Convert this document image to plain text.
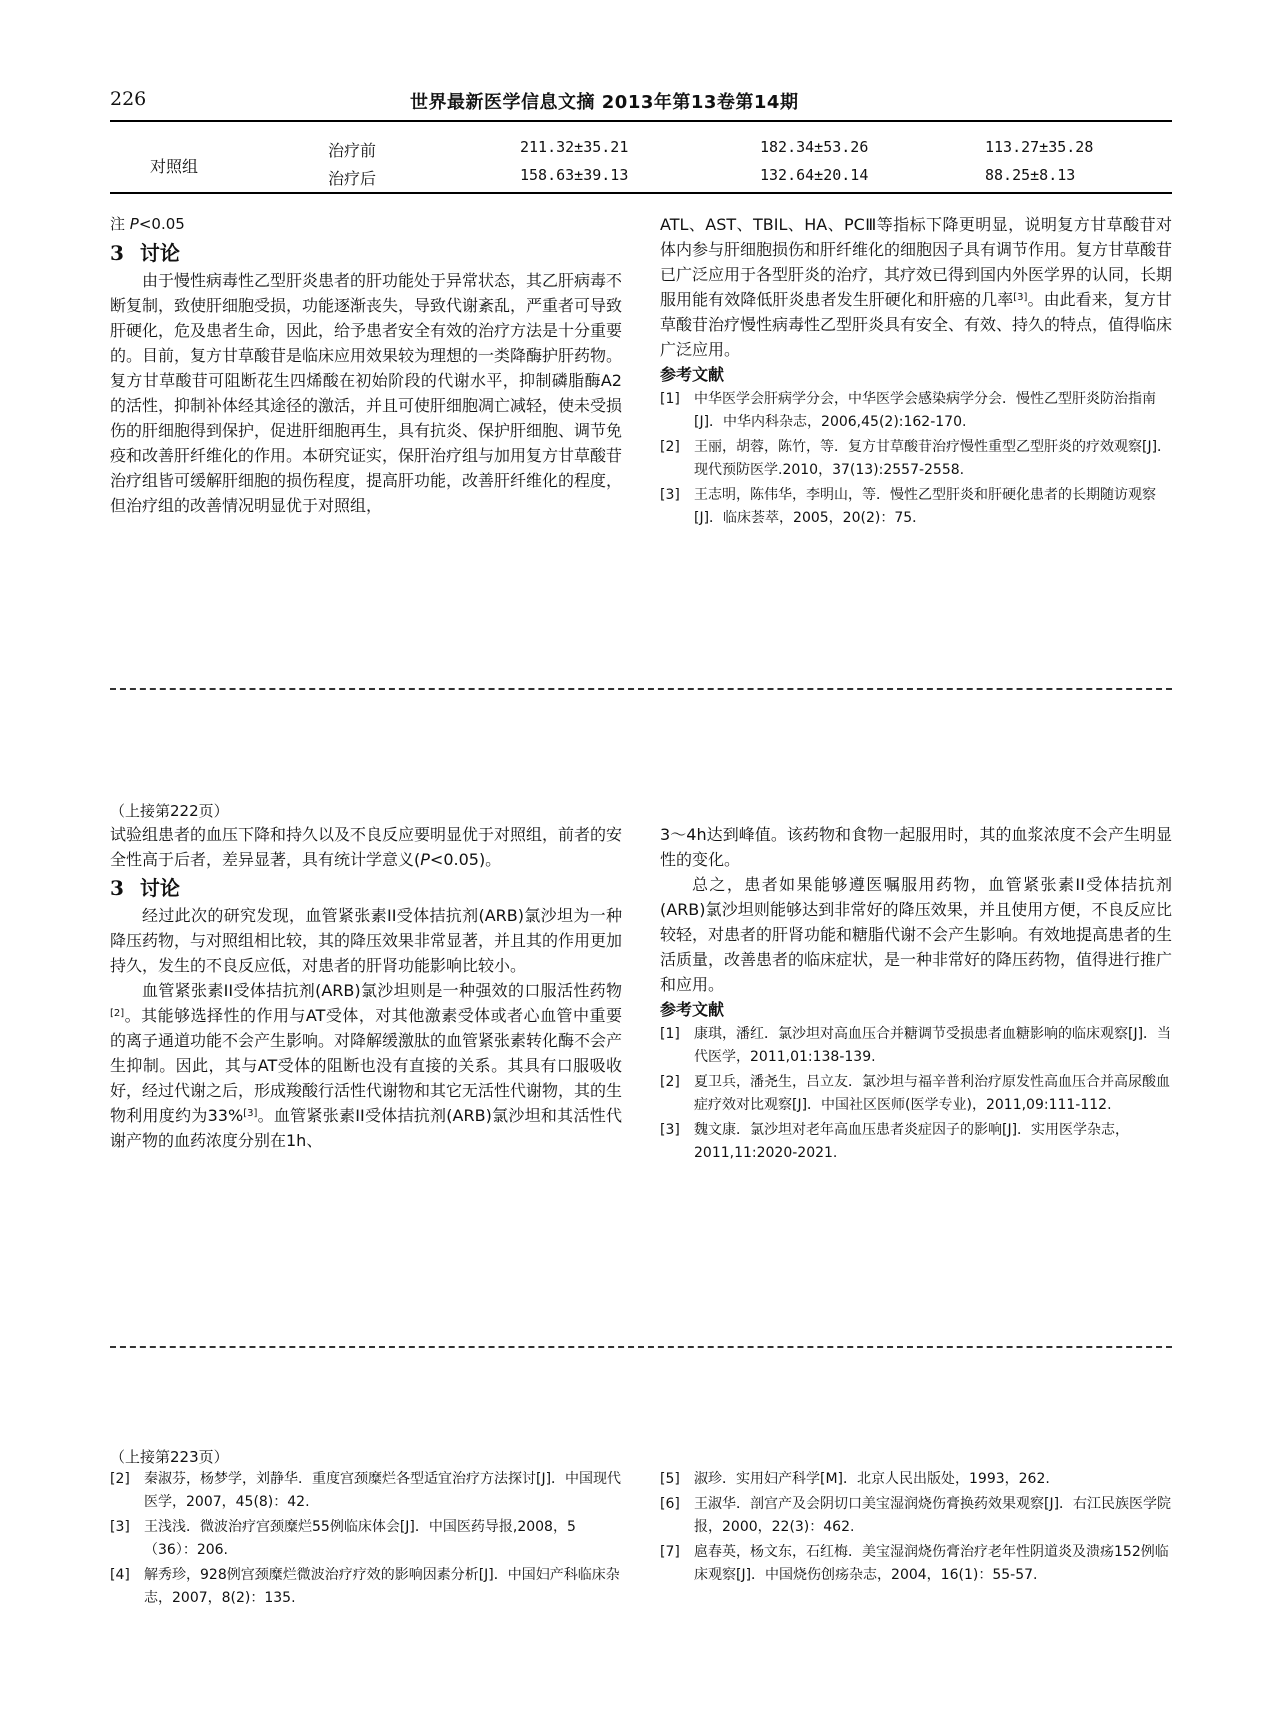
226	世界最新医学信息文摘 2013年第13卷第14期
对照组
治疗前	211.32±35.21	182.34±53.26	113.27±35.28
治疗后	158.63±39.13	132.64±20.14	88.25±8.13
注 P<0.05
3 讨论

由于慢性病毒性乙型肝炎患者的肝功能处于异常状态，其乙肝病毒不断复制，致使肝细胞受损，功能逐渐丧失，导致代谢紊乱，严重者可导致肝硬化，危及患者生命，因此，给予患者安全有效的治疗方法是十分重要的。目前，复方甘草酸苷是临床应用效果较为理想的一类降酶护肝药物。复方甘草酸苷可阻断花生四烯酸在初始阶段的代谢水平，抑制磷脂酶A2的活性，抑制补体经其途径的激活，并且可使肝细胞凋亡减轻，使未受损伤的肝细胞得到保护，促进肝细胞再生，具有抗炎、保护肝细胞、调节免疫和改善肝纤维化的作用。本研究证实，保肝治疗组与加用复方甘草酸苷治疗组皆可缓解肝细胞的损伤程度，提高肝功能，改善肝纤维化的程度，但治疗组的改善情况明显优于对照组，

ATL、AST、TBIL、HA、PCⅢ等指标下降更明显，说明复方甘草酸苷对体内参与肝细胞损伤和肝纤维化的细胞因子具有调节作用。复方甘草酸苷已广泛应用于各型肝炎的治疗，其疗效已得到国内外医学界的认同，长期服用能有效降低肝炎患者发生肝硬化和肝癌的几率[3]。由此看来，复方甘草酸苷治疗慢性病毒性乙型肝炎具有安全、有效、持久的特点，值得临床广泛应用。

参考文献
[1] 中华医学会肝病学分会，中华医学会感染病学分会．慢性乙型肝炎防治指南[J]．中华内科杂志，2006,45(2):162-170.
[2] 王丽，胡蓉，陈竹，等．复方甘草酸苷治疗慢性重型乙型肝炎的疗效观察[J]．现代预防医学.2010，37(13):2557-2558.
[3] 王志明，陈伟华，李明山，等．慢性乙型肝炎和肝硬化患者的长期随访观察[J]．临床荟萃，2005，20(2)：75．
（上接第222页）

试验组患者的血压下降和持久以及不良反应要明显优于对照组，前者的安全性高于后者，差异显著，具有统计学意义(P<0.05)。

3 讨论

经过此次的研究发现，血管紧张素II受体拮抗剂(ARB)氯沙坦为一种降压药物，与对照组相比较，其的降压效果非常显著，并且其的作用更加持久，发生的不良反应低，对患者的肝肾功能影响比较小。

血管紧张素II受体拮抗剂(ARB)氯沙坦则是一种强效的口服活性药物[2]。其能够选择性的作用与AT受体，对其他激素受体或者心血管中重要的离子通道功能不会产生影响。对降解缓激肽的血管紧张素转化酶不会产生抑制。因此，其与AT受体的阻断也没有直接的关系。其具有口服吸收好，经过代谢之后，形成羧酸行活性代谢物和其它无活性代谢物，其的生物利用度约为33%[3]。血管紧张素II受体拮抗剂(ARB)氯沙坦和其活性代谢产物的血药浓度分别在1h、

3～4h达到峰值。该药物和食物一起服用时，其的血浆浓度不会产生明显性的变化。

总之，患者如果能够遵医嘱服用药物，血管紧张素II受体拮抗剂(ARB)氯沙坦则能够达到非常好的降压效果，并且使用方便，不良反应比较轻，对患者的肝肾功能和糖脂代谢不会产生影响。有效地提高患者的生活质量，改善患者的临床症状，是一种非常好的降压药物，值得进行推广和应用。

参考文献
[1] 康琪，潘红．氯沙坦对高血压合并糖调节受损患者血糖影响的临床观察[J]．当代医学，2011,01:138-139.
[2] 夏卫兵，潘尧生，吕立友．氯沙坦与福辛普利治疗原发性高血压合并高尿酸血症疗效对比观察[J]．中国社区医师(医学专业)，2011,09:111-112.
[3] 魏文康．氯沙坦对老年高血压患者炎症因子的影响[J]．实用医学杂志，2011,11:2020-2021.
（上接第223页）
[2] 秦淑芬，杨梦学，刘静华．重度宫颈糜烂各型适宜治疗方法探讨[J]．中国现代医学，2007，45(8)：42.
[3] 王浅浅．微波治疗宫颈糜烂55例临床体会[J]．中国医药导报,2008，5（36）：206.
[4] 解秀珍，928例宫颈糜烂微波治疗疗效的影响因素分析[J]．中国妇产科临床杂志，2007，8(2)：135.
[5] 淑珍．实用妇产科学[M]．北京人民出版处，1993，262.
[6] 王淑华．剖宫产及会阴切口美宝湿润烧伤膏换药效果观察[J]．右江民族医学院报，2000，22(3)：462.
[7] 扈春英，杨文东，石红梅．美宝湿润烧伤膏治疗老年性阴道炎及溃疡152例临床观察[J]．中国烧伤创疡杂志，2004，16(1)：55-57.
